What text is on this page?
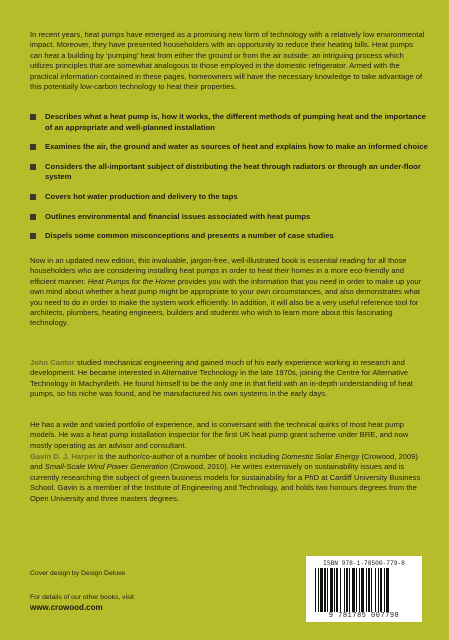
In recent years, heat pumps have emerged as a promising new form of technology with a relatively low environmental impact. Moreover, they have presented householders with an opportunity to reduce their heating bills. Heat pumps can heat a building by ‘pumping’ heat from either the ground or from the air outside: an intriguing process which utilizes principles that are somewhat analogous to those employed in the domestic refrigerator. Armed with the practical information contained in these pages, homeowners will have the necessary knowledge to take advantage of this potentially low-carbon technology to heat their properties.

Describes what a heat pump is, how it works, the different methods of pumping heat and the importance of an appropriate and well-planned installation
Examines the air, the ground and water as sources of heat and explains how to make an informed choice
Considers the all-important subject of distributing the heat through radiators or through an under-floor system
Covers hot water production and delivery to the taps
Outlines environmental and financial issues associated with heat pumps
Dispels some common misconceptions and presents a number of case studies

Now in an updated new edition, this invaluable, jargon-free, well-illustrated book is essential reading for all those householders who are considering installing heat pumps in order to heat their homes in a more eco-friendly and efficient manner. Heat Pumps for the Home provides you with the information that you need in order to make up your own mind about whether a heat pump might be appropriate to your own circumstances, and also demonstrates what you need to do in order to make the system work efficiently. In addition, it will also be a very useful reference tool for architects, plumbers, heating engineers, builders and students who wish to learn more about this fascinating technology.

John Cantor studied mechanical engineering and gained much of his early experience working in research and development. He became interested in Alternative Technology in the late 1970s, joining the Centre for Alternative Technology in Machynlleth. He found himself to be the only one in that field with an in-depth understanding of heat pumps, so his niche was found, and he manufactured his own systems in the early days.

He has a wide and varied portfolio of experience, and is conversant with the technical quirks of most heat pump models. He was a heat pump installation inspector for the first UK heat pump grant scheme under BRE, and now mostly operating as an advisor and consultant.

Gavin D. J. Harper is the author/co-author of a number of books including Domestic Solar Energy (Crowood, 2009) and Small-Scale Wind Power Generation (Crowood, 2010). He writes extensively on sustainability issues and is currently researching the subject of green business models for sustainability for a PhD at Cardiff University Business School. Gavin is a member of the Institute of Engineering and Technology, and holds two honours degrees from the Open University and three masters degrees.

Cover design by Design Deluxe
For details of our other books, visit
www.crowood.com
ISBN 978-1-78500-779-8
9 781785 007798
